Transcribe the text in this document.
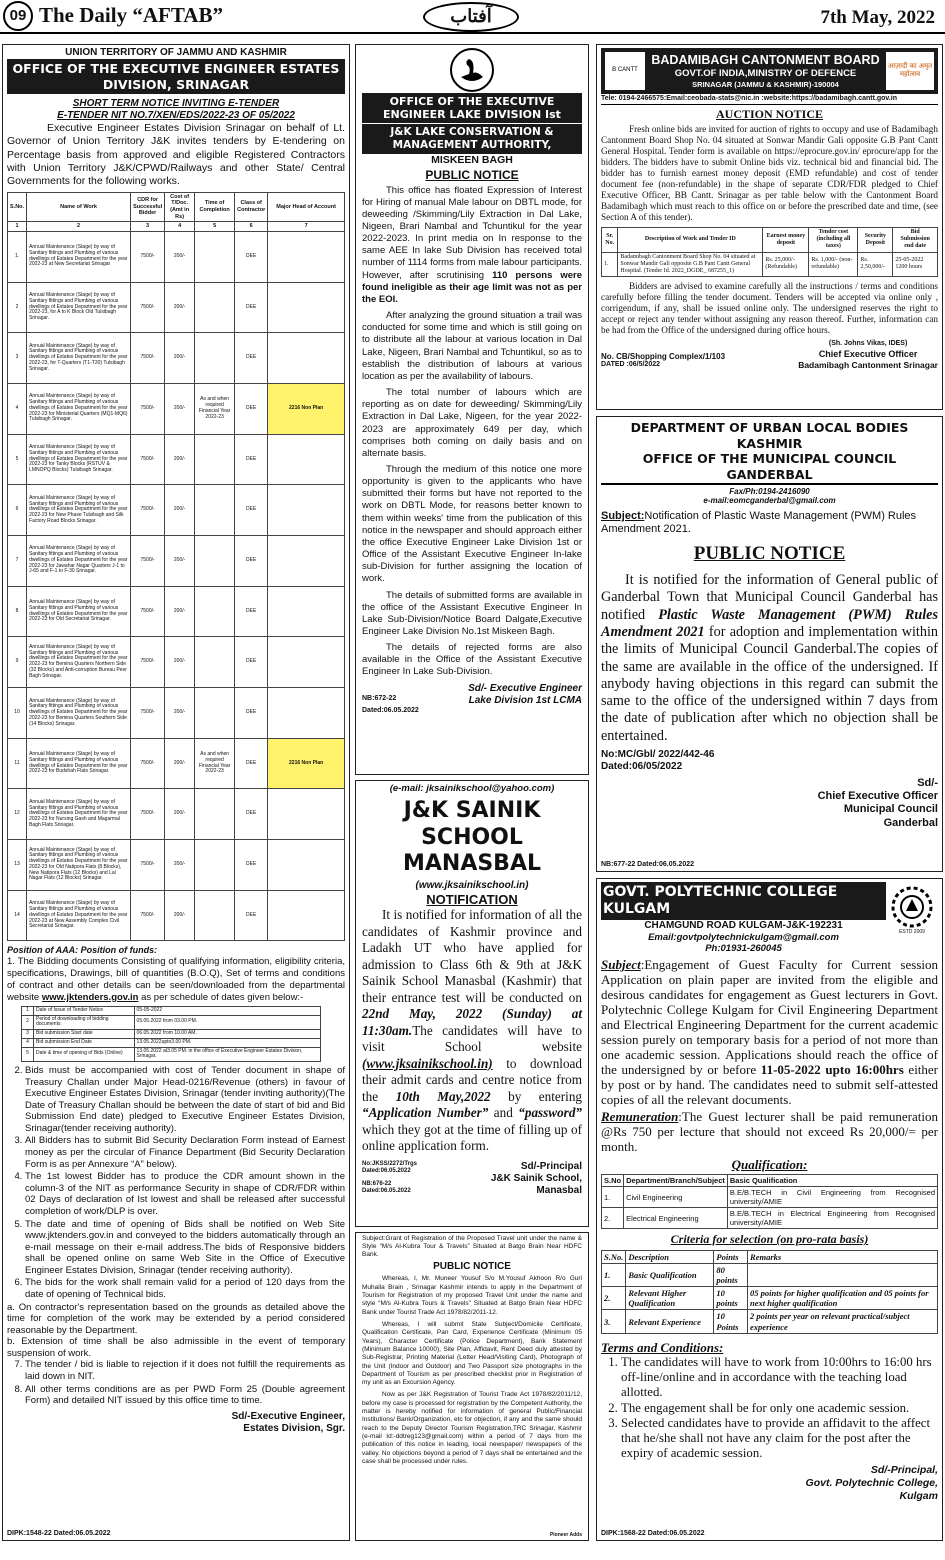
09 The Daily “AFTAB”	آفتاب	7th May, 2022
UNION TERRITORY OF JAMMU AND KASHMIR
OFFICE OF THE EXECUTIVE ENGINEER ESTATES DIVISION, SRINAGAR
SHORT TERM NOTICE INVITING E-TENDER
E-TENDER NIT NO.7/XEN/EDS/2022-23 OF 05/2022

Executive Engineer Estates Division Srinagar on behalf of Lt. Governor of Union Territory J&K invites tenders by E-tendering on Percentage basis from approved and eligible Registered Contractors with Union Territory J&K/CPWD/Railways and other State/ Central Governments for the following works.

S.No.	Name of Work	CDR for Successful Bidder	Cost of T/Doc. (Amt in Rs)	Time of Completion	Class of Contractor	Major Head of Account
1	2	3	4	5	6	7
1.	Annual Maintenance (Stage) by way of Sanitary fittings and Plumbing of various dwellings of Estates Department for the year 2022-23 at New Secretariat Srinagar	7500/-	200/-		DEE	
2	Annual Maintenance (Stage) by way of Sanitary fittings and Plumbing of various dwellings of Estates Department for the year 2022-23, for A to K Block Old Tulsibagh Srinagar.	7500/-	200/-		DEE	
3	Annual Maintenance (Stage) by way of Sanitary fittings and Plumbing of various dwellings of Estates Department for the year 2022-23, for T-Quarters (T1-T20) Tulsibagh Srinagar.	7500/-	200/-		DEE	
4	Annual Maintenance (Stage) by way of Sanitary fittings and Plumbing of various dwellings of Estates Department for the year 2022-23 for Ministerial Quarters (MQ1-MQ6) Tulsibagh Srinagar.	7500/-	200/-	As and when required Financial Year 2022-23	DEE	2216 Non Plan
5	Annual Maintenance (Stage) by way of Sanitary fittings and Plumbing of various dwellings of Estates Department for the year 2022-23 for Tanky Blocks (RSTUV & LMNOPQ Blocks) Tulsibagh Srinagar.	7500/-	200/-		DEE	
6	Annual Maintenance (Stage) by way of Sanitary fittings and Plumbing of various dwellings of Estates Department for the year 2022-23 for New Phase Tulsibagh and Silk Factory Road Blocks Srinagar.	7500/-	200/-		DEE	
7	Annual Maintenance (Stage) by way of Sanitary fittings and Plumbing of various dwellings of Estates Department for the year 2022-23 for Jawahar Nagar Quarters J-1 to J-65 and F-1 to F-30 Srinagar.	7500/-	200/-		DEE	
8	Annual Maintenance (Stage) by way of Sanitary fittings and Plumbing of various dwellings of Estates Department for the year 2022-23 for Old Secretariat Srinagar.	7500/-	200/-		DEE	
9	Annual Maintenance (Stage) by way of Sanitary fittings and Plumbing of various dwellings of Estates Department for the year 2022-23 for Bemina Quarters Northern Side (32 Blocks) and Anti-corruption Bureau Peer Bagh Srinagar.	7500/-	200/-		DEE	
10	Annual Maintenance (Stage) by way of Sanitary fittings and Plumbing of various dwellings of Estates Department for the year 2022-23 for Bemina Quarters Southern Side (14 Blocks) Srinagar.	7500/-	200/-		DEE	
11	Annual Maintenance (Stage) by way of Sanitary fittings and Plumbing of various dwellings of Estates Department for the year 2022-23 for Budshah Flats Srinagar.	7500/-	200/-	As and when required Financial Year 2022-23	DEE	2216 Non Plan
12	Annual Maintenance (Stage) by way of Sanitary fittings and Plumbing of various dwellings of Estates Department for the year 2022-23 for Nursing Gash and Magarmal Bagh Flats Srinagar.	7500/-	200/-		DEE	
13	Annual Maintenance (Stage) by way of Sanitary fittings and Plumbing of various dwellings of Estates Department for the year 2022-23 for Old Natipora Flats (8 Blocks), New Natipora Flats (12 Blocks) and Lal Nagar Flats (12 Blocks) Srinagar.	7500/-	200/-		DEE	
14	Annual Maintenance (Stage) by way of Sanitary fittings and Plumbing of various dwellings of Estates Department for the year 2022-23 at New Assembly Complex Civil Secretariat Srinagar.	7500/-	200/-		DEE	
Position of AAA: Position of funds:
1. The Bidding documents Consisting of qualifying information, eligibility criteria, specifications, Drawings, bill of quantities (B.O.Q), Set of terms and conditions of contract and other details can be seen/downloaded from the departmental website www.jktenders.gov.in as per schedule of dates given below:-
1	Date of Issue of Tender Notice	05-05-2022
2	Period of downloading of bidding documents	05.05.2022 from 03.00 PM.
3	Bid submission Start date	06.05.2022 from 10.00 AM.
4	Bid submission End Date	13.05.2022upto3.00 PM.
5	Date & time of opening of Bids (Online)	13.05.2022 at3.05 PM. in the office of Executive Engineer Estates Division, Srinagar.
2. Bids must be accompanied with cost of Tender document in shape of Treasury Challan under Major Head-0216/Revenue (others) in favour of Executive Engineer Estates Division, Srinagar (tender inviting authority)(The Date of Treasury Challan should be between the date of start of bid and Bid Submission End date) pledged to Executive Engineer Estates Division, Srinagar(tender receiving authority).
3. All Bidders has to submit Bid Security Declaration Form instead of Earnest money as per the circular of Finance Department (Bid Security Declaration Form is as per Annexure “A” below).
4. The 1st lowest Bidder has to produce the CDR amount shown in the column-3 of the NIT as performance Security in shape of CDR/FDR within 02 Days of declaration of Ist lowest and shall be released after successful completion of work/DLP is over.
5. The date and time of opening of Bids shall be notified on Web Site www.jktenders.gov.in and conveyed to the bidders automatically through an e-mail message on their e-mail address.The bids of Responsive bidders shall be opened online on same Web Site in the Office of Executive Engineer Estates Division, Srinagar (tender receiving authority).
6. The bids for the work shall remain valid for a period of 120 days from the date of opening of Technical bids.
a. On contractor's representation based on the grounds as detailed above the time for completion of the work may be extended by a period considered reasonable by the Department.
b. Extension of time shall be also admissible in the event of temporary suspension of work.
7. The tender / bid is liable to rejection if it does not fulfill the requirements as laid down in NIT.
8. All other terms conditions are as per PWD Form 25 (Double agreement Form) and detailed NIT issued by this office time to time.
Sd/-Executive Engineer,
Estates Division, Sgr.
DIPK:1548-22 Dated:06.05.2022
OFFICE OF THE EXECUTIVE ENGINEER LAKE DIVISION Ist
J&K LAKE CONSERVATION & MANAGEMENT AUTHORITY,
MISKEEN BAGH
PUBLIC NOTICE
This office has floated Expression of Interest for Hiring of manual Male labour on DBTL mode, for deweeding /Skimming/Lily Extraction in Dal Lake, Nigeen, Brari Nambal and Tchuntikul for the year 2022-2023. In print media on In response to the same AEE In lake Sub Division has received total number of 1114 forms from male labour participants. However, after scrutinising 110 persons were found ineligible as their age limit was not as per the EOI.

After analyzing the ground situation a trail was conducted for some time and which is still going on to distribute all the labour at various location in Dal Lake, Nigeen, Brari Nambal and Tchuntikul, so as to establish the distribution of labours at various location as per the availability of labours.

The total number of labours which are reporting as on date for deweeding/ Skimming/Lily Extraction in Dal Lake, Nigeen, for the year 2022-2023 are approximately 649 per day, which comprises both coming on daily basis and on alternate basis.

Through the medium of this notice one more opportunity is given to the applicants who have submitted their forms but have not reported to the work on DBTL Mode, for reasons better known to them within weeks' time from the publication of this notice in the newspaper and should approach either the office Executive Engineer Lake Division 1st or Office of the Assistant Executive Engineer In-lake sub-Division for further assigning the location of work.

The details of submitted forms are available in the office of the Assistant Executive Engineer In Lake Sub-Division/Notice Board Dalgate,Executive Engineer Lake Division No.1st Miskeen Bagh.

The details of rejected forms are also available in the Office of the Assistant Executive Engineer In Lake Sub-Division.

Sd/- Executive Engineer
NB:672-22	Lake Division 1st LCMA
Dated:06.05.2022
(e-mail: jksainikschool@yahoo.com)
J&K SAINIK SCHOOL
MANASBAL
(www.jksainikschool.in)
NOTIFICATION
It is notified for information of all the candidates of Kashmir province and Ladakh UT who have applied for admission to Class 6th & 9th at J&K Sainik School Manasbal (Kashmir) that their entrance test will be conducted on 22nd May, 2022 (Sunday) at 11:30am.The candidates will have to visit School website (www.jksainikschool.in) to download their admit cards and centre notice from the 10th May,2022 by entering “Application Number” and “password” which they got at the time of filling up of online application form.
No:JKSS/2272/Trgs
Dated:06.05.2022
NB:676-22
Dated:06.05.2022
Sd/-Principal
J&K Sainik School,
Manasbal
Subject:Grant of Registration of the Proposed Travel unit under the name & Style “M/s Al-Kubra Tour & Travels” Situated at Batgo Brain Near HDFC Bank.
PUBLIC NOTICE

Whereas, I, Mr. Muneer Yousuf S/o M.Yousuf Akhoon R/o Guri Muhalla Brain , Srinagar Kashmir intends to apply in the Department of Tourism for Registration of my proposed Travel Unit under the name and style “M/s Al-Kubra Tours & Travels” Situated at Batgo Brain Near HDFC Bank under Tourist Trade Act 1978/82/2011-12.

Whereas, I will submit State Subject/Domicile Certificate, Qualification Certificate, Pan Card, Experience Certificate (Minimum 05 Years), Character Certificate (Police Department), Bank Statement (Minimum Balance 10000), Site Plan, Affidavit, Rent Deed duly attested by Sub-Registrar, Printing Material (Letter Head/Visiting Card), Photograph of the Unit (Indoor and Outdoor) and Two Passport size photographs in the Department of Tourism as per prescribed checklist prior in Registration of my unit as an Excursion Agency.

Now as per J&K Registration of Tourist Trade Act 1978/82/2011/12, before my case is processed for registration by the Competent Authority, the matter is hereby notified for information of general Public/Financial Institutions/ Bank/Organization, etc for objection, if any and the same should reach to the Deputy Director Tourism Registration,TRC Srinagar, Kashmir (e-mail Id:-ddtreg123@gmail.com) within a period of 7 days from the publication of this notice in leading, local newspaper/ newspapers of the valley. No objections beyond a period of 7 days shall be entertained and the case shall be processed under rules.

Pioneer Adds
B CANTT
BADAMIBAGH CANTONMENT BOARD
GOVT.OF INDIA,MINISTRY OF DEFENCE
SRINAGAR (JAMMU & KASHMIR)-190004
आज़ादी का अमृत महोत्सव
Tele: 0194-2466575:Email:ceobada-stats@nic.in :website:https://badamibagh.cantt.gov.in
AUCTION NOTICE

Fresh online bids are invited for auction of rights to occupy and use of Badamibagh Cantonment Board Shop No. 04 situated at Sonwar Mandir Gali opposite G.B Pant Cantt General Hospital. Tender form is available on https://eprocure.gov.in/ eprocure/app for the bidders. The bidders have to submit Online bids viz. technical bid and financial bid. The bidder has to furnish earnest money deposit (EMD refundable) and cost of tender document fee (non-refundable) in the shape of separate CDR/FDR pledged to Chief Executive Officer, BB Cantt. Srinagar as per table below with the Cantonment Board Badamibagh which must reach to this office on or before the prescribed date and time, (see Section A of this tender).

Sr. No.	Description of Work and Tender ID	Earnest money deposit	Tender cost (including all taxes)	Security Deposit	Bid Submission end date
1.	Badamibagh Cantonment Board Shop No. 04 situated at Sonwar Mandir Gali opposite G.B Pant Cantt General Hospital. (Tender Id. 2022_DGDE_ 687255_1)	Rs. 25,000/- (Refundable)	Rs. 1,000/- (non-refundable)	Rs. 2,50,000/-	25-05-2022 1200 hours

Bidders are advised to examine carefully all the instructions / terms and conditions carefully before filling the tender document. Tenders will be accepted via online only , corrigendum, if any, shall be issued online only. The undersigned reserves the right to accept or reject any tender without assigning any reason thereof. Further, information can be had from the Office of the undersigned during office hours.

No. CB/Shopping Complex/1/103
DATED :06/5/2022
(Sh. Johns Vikas, IDES)
Chief Executive Officer
Badamibagh Cantonment Srinagar
DEPARTMENT OF URBAN LOCAL BODIES KASHMIR
OFFICE OF THE MUNICIPAL COUNCIL GANDERBAL
Fax/Ph:0194-2416090
e-mail:eomcganderbal@gmail.com
Subject:Notification of Plastic Waste Management (PWM) Rules Amendment 2021.
PUBLIC NOTICE
It is notified for the information of General public of Ganderbal Town that Municipal Council Ganderbal has notified Plastic Waste Management (PWM) Rules Amendment 2021 for adoption and implementation within the limits of Municipal Council Ganderbal.The copies of the same are available in the office of the undersigned. If anybody having objections in this regard can submit the same to the office of the undersigned within 7 days from the date of publication after which no objection shall be entertained.
No:MC/Gbl/ 2022/442-46
Dated:06/05/2022
Sd/-
Chief Executive Officer
Municipal Council
Ganderbal
NB:677-22 Dated:06.05.2022
GOVT. POLYTECHNIC COLLEGE KULGAM
CHAMGUND ROAD KULGAM-J&K-192231
Email:govtpolytechnickulgam@gmail.com
Ph:01931-260045
ESTD 2009
Subject:Engagement of Guest Faculty for Current session Application on plain paper are invited from the eligible and desirous candidates for engagement as Guest lecturers in Govt. Polytechnic College Kulgam for Civil Engineering Department and Electrical Engineering Department for the current academic session purely on temporary basis for a period of not more than one academic session. Applications should reach the office of the undersigned by or before 11-05-2022 upto 16:00hrs either by post or by hand. The candidates need to submit self-attested copies of all the relevant documents.
Remuneration:The Guest lecturer shall be paid remuneration @Rs 750 per lecture that should not exceed Rs 20,000/= per month.
Qualification:
S.No	Department/Branch/Subject	Basic Qualification
1.	Civil Engineering	B.E/B.TECH in Civil Engineering from Recognised university/AMIE
2.	Electrical Engineering	B.E/B.TECH in Electrical Engineering from Recognised university/AMIE
Criteria for selection (on pro-rata basis)
S.No.	Description	Points	Remarks
1.	Basic Qualification	80 points	
2.	Relevant Higher Qualification	10 points	05 points for higher qualification and 05 points for next higher qualification
3.	Relevant Experience	10 Points	2 points per year on relevant practical/subject experience
Terms and Conditions:
1. The candidates will have to work from 10:00hrs to 16:00 hrs off-line/online and in accordance with the teaching load allotted.
2. The engagement shall be for only one academic session.
3. Selected candidates have to provide an affidavit to the affect that he/she shall not have any claim for the post after the expiry of academic session.
Sd/-Principal,
Govt. Polytechnic College,
Kulgam
DIPK:1568-22 Dated:06.05.2022
